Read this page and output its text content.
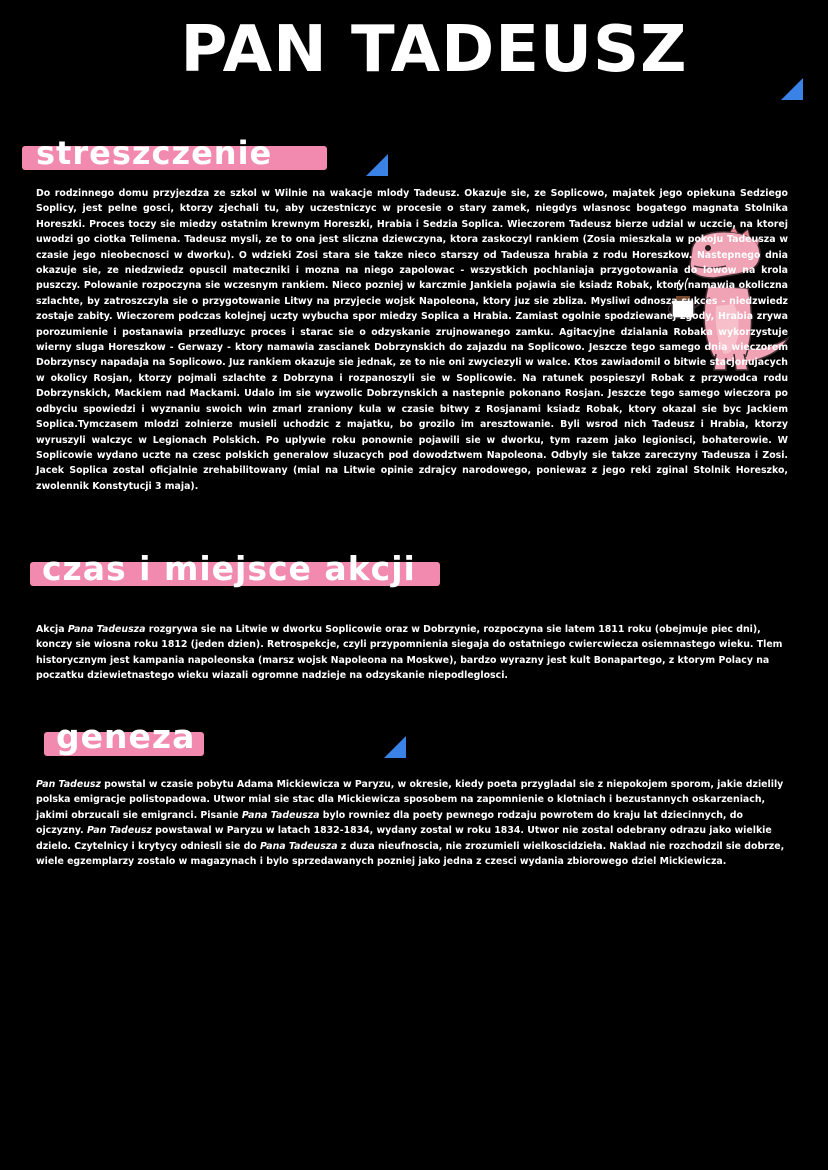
PAN TADEUSZ
streszczenie

Do rodzinnego domu przyjezdza ze szkol w Wilnie na wakacje mlody Tadeusz. Okazuje sie, ze Soplicowo, majatek jego opiekuna Sedziego Soplicy, jest pelne gosci, ktorzy zjechali tu, aby uczestniczyc w procesie o stary zamek, niegdys wlasnosc bogatego magnata Stolnika Horeszki. Proces toczy sie miedzy ostatnim krewnym Horeszki, Hrabia i Sedzia Soplica. Wieczorem Tadeusz bierze udzial w uczcie, na ktorej uwodzi go ciotka Telimena. Tadeusz mysli, ze to ona jest sliczna dziewczyna, ktora zaskoczyl rankiem (Zosia mieszkala w pokoju Tadeusza w czasie jego nieobecnosci w dworku). O wdzieki Zosi stara sie takze nieco starszy od Tadeusza hrabia z rodu Horeszkow. Nastepnego dnia okazuje sie, ze niedzwiedz opuscil mateczniki i mozna na niego zapolowac - wszystkich pochlaniaja przygotowania do lowow na krola puszczy. Polowanie rozpoczyna sie wczesnym rankiem. Nieco pozniej w karczmie Jankiela pojawia sie ksiadz Robak, ktory namawia okoliczna szlachte, by zatroszczyla sie o przygotowanie Litwy na przyjecie wojsk Napoleona, ktory juz sie zbliza. Mysliwi odnosza sukces - niedzwiedz zostaje zabity. Wieczorem podczas kolejnej uczty wybucha spor miedzy Soplica a Hrabia. Zamiast ogolnie spodziewanej zgody, Hrabia zrywa porozumienie i postanawia przedluzyc proces i starac sie o odzyskanie zrujnowanego zamku. Agitacyjne dzialania Robaka wykorzystuje wierny sluga Horeszkow - Gerwazy - ktory namawia zascianek Dobrzynskich do zajazdu na Soplicowo. Jeszcze tego samego dnia wieczorem Dobrzynscy napadaja na Soplicowo. Juz rankiem okazuje sie jednak, ze to nie oni zwyciezyli w walce. Ktos zawiadomil o bitwie stacjonujacych w okolicy Rosjan, ktorzy pojmali szlachte z Dobrzyna i rozpanoszyli sie w Soplicowie. Na ratunek pospieszyl Robak z przywodca rodu Dobrzynskich, Mackiem nad Mackami. Udalo im sie wyzwolic Dobrzynskich a nastepnie pokonano Rosjan. Jeszcze tego samego wieczora po odbyciu spowiedzi i wyznaniu swoich win zmarl zraniony kula w czasie bitwy z Rosjanami ksiadz Robak, ktory okazal sie byc Jackiem Soplica.Tymczasem mlodzi zolnierze musieli uchodzic z majatku, bo grozilo im aresztowanie. Byli wsrod nich Tadeusz i Hrabia, ktorzy wyruszyli walczyc w Legionach Polskich. Po uplywie roku ponownie pojawili sie w dworku, tym razem jako legionisci, bohaterowie. W Soplicowie wydano uczte na czesc polskich generalow sluzacych pod dowodztwem Napoleona. Odbyly sie takze zareczyny Tadeusza i Zosi. Jacek Soplica zostal oficjalnie zrehabilitowany (mial na Litwie opinie zdrajcy narodowego, poniewaz z jego reki zginal Stolnik Horeszko, zwolennik Konstytucji 3 maja).

czas i miejsce akcji

Akcja Pana Tadeusza rozgrywa sie na Litwie w dworku Soplicowie oraz w Dobrzynie, rozpoczyna sie latem 1811 roku (obejmuje piec dni), konczy sie wiosna roku 1812 (jeden dzien). Retrospekcje, czyli przypomnienia siegaja do ostatniego cwiercwiecza osiemnastego wieku. Tlem historycznym jest kampania napoleonska (marsz wojsk Napoleona na Moskwe), bardzo wyrazny jest kult Bonapartego, z ktorym Polacy na poczatku dziewietnastego wieku wiazali ogromne nadzieje na odzyskanie niepodleglosci.

geneza

Pan Tadeusz powstal w czasie pobytu Adama Mickiewicza w Paryzu, w okresie, kiedy poeta przygladal sie z niepokojem sporom, jakie dzielily polska emigracje polistopadowa. Utwor mial sie stac dla Mickiewicza sposobem na zapomnienie o klotniach i bezustannych oskarzeniach, jakimi obrzucali sie emigranci. Pisanie Pana Tadeusza bylo rowniez dla poety pewnego rodzaju powrotem do kraju lat dziecinnych, do ojczyzny. Pan Tadeusz powstawal w Paryzu w latach 1832-1834, wydany zostal w roku 1834. Utwor nie zostal odebrany odrazu jako wielkie dzielo. Czytelnicy i krytycy odniesli sie do Pana Tadeusza z duza nieufnoscia, nie zrozumieli wielkoscidzieła. Naklad nie rozchodzil sie dobrze, wiele egzemplarzy zostalo w magazynach i bylo sprzedawanych pozniej jako jedna z czesci wydania zbiorowego dziel Mickiewicza.
